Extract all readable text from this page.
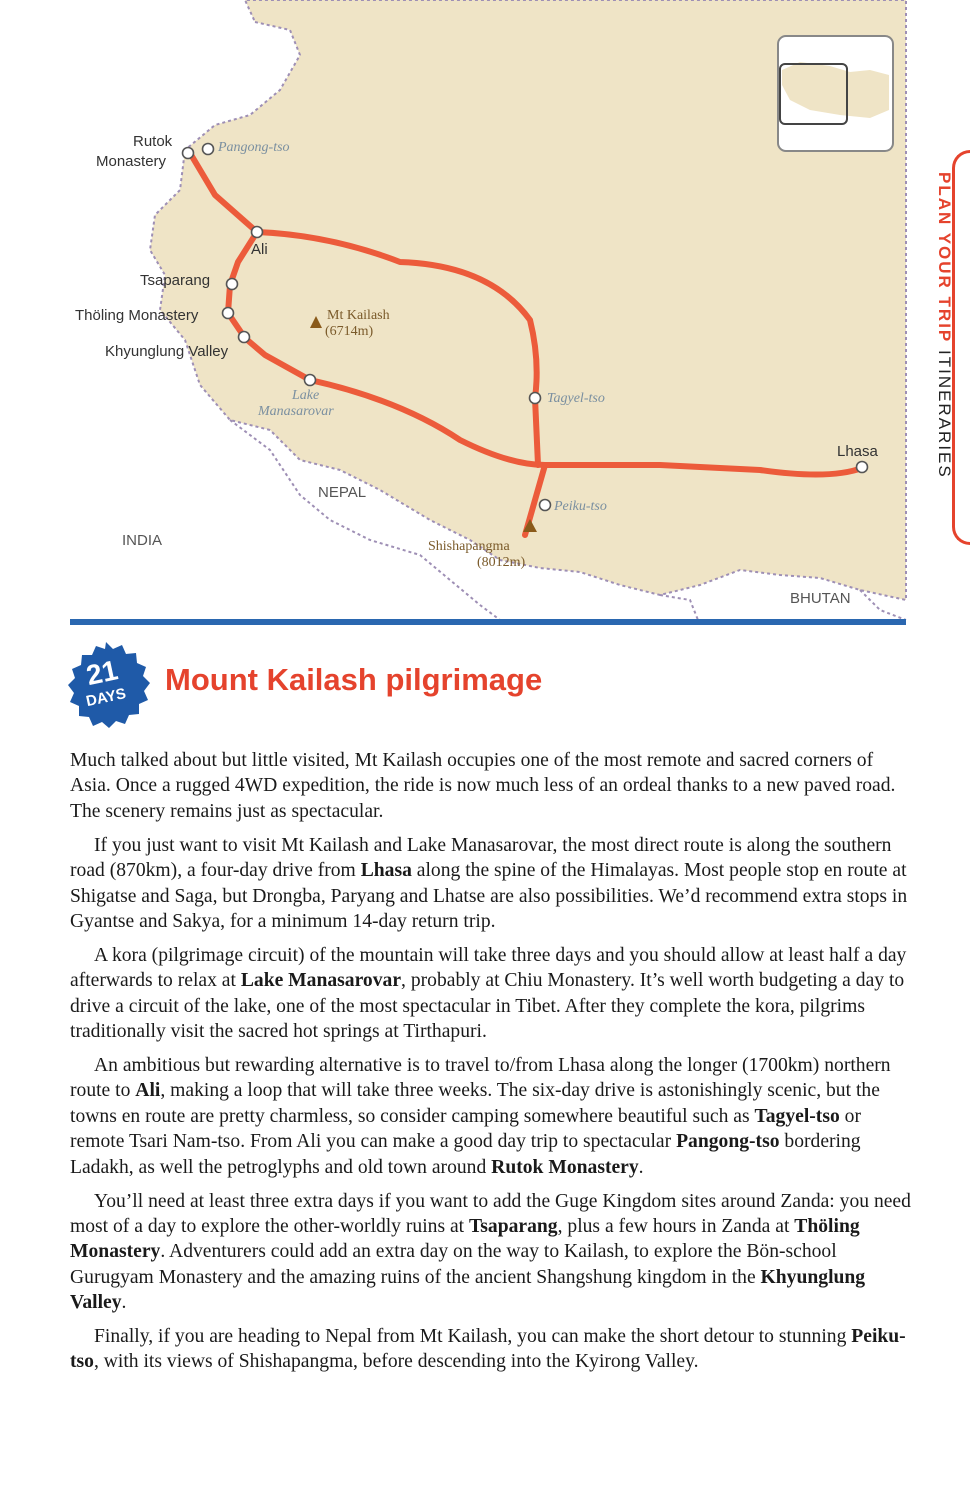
Rutok
Monastery
Pangong-tso
Ali
Tsaparang
Thöling Monastery
Khyunglung Valley
Mt Kailash
(6714m)
Lake
Manasarovar
Tagyel-tso
Lhasa
Peiku-tso
NEPAL
INDIA	Shishapangma
(8012m)
BHUTAN
PLAN YOUR TRIP ITINERARIES
21
DAYS
Mount Kailash pilgrimage

Much talked about but little visited, Mt Kailash occupies one of the most remote and sacred corners of Asia. Once a rugged 4WD expedition, the ride is now much less of an ordeal thanks to a new paved road. The scenery remains just as spectacular.

If you just want to visit Mt Kailash and Lake Manasarovar, the most direct route is along the southern road (870km), a four-day drive from Lhasa along the spine of the Himalayas. Most people stop en route at Shigatse and Saga, but Drongba, Paryang and Lhatse are also possibilities. We’d recommend extra stops in Gyantse and Sakya, for a minimum 14-day return trip.

A kora (pilgrimage circuit) of the mountain will take three days and you should allow at least half a day afterwards to relax at Lake Manasarovar, probably at Chiu Monastery. It’s well worth budgeting a day to drive a circuit of the lake, one of the most spectacular in Tibet. After they complete the kora, pilgrims traditionally visit the sacred hot springs at Tirthapuri.

An ambitious but rewarding alternative is to travel to/from Lhasa along the longer (1700km) northern route to Ali, making a loop that will take three weeks. The six-day drive is astonishingly scenic, but the towns en route are pretty charmless, so consider camping somewhere beautiful such as Tagyel-tso or remote Tsari Nam-tso. From Ali you can make a good day trip to spectacular Pangong-tso bordering Ladakh, as well the petroglyphs and old town around Rutok Monastery.

You’ll need at least three extra days if you want to add the Guge Kingdom sites around Zanda: you need most of a day to explore the other-worldly ruins at Tsaparang, plus a few hours in Zanda at Thöling Monastery. Adventurers could add an extra day on the way to Kailash, to explore the Bön-school Gurugyam Monastery and the amazing ruins of the ancient Shangshung kingdom in the Khyunglung Valley.

Finally, if you are heading to Nepal from Mt Kailash, you can make the short detour to stunning Peiku-tso, with its views of Shishapangma, before descending into the Kyirong Valley.
